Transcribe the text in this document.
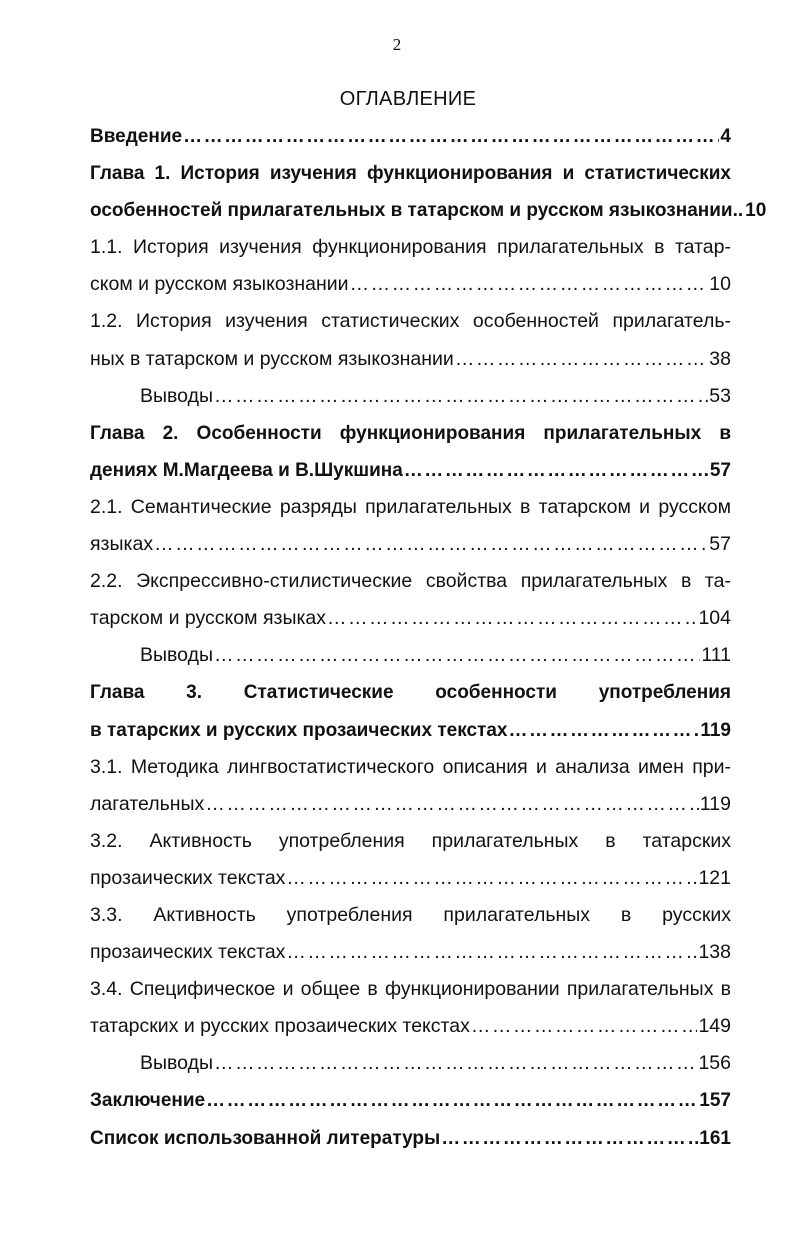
2
ОГЛАВЛЕНИЕ
Введение …………………………………………………………………………………………………………………………………………………………………	4
Глава 1. История изучения функционирования и статистических
особенностей прилагательных в татарском и русском языкознании.. 10
1.1. История изучения функционирования прилагательных в татар-
ском и русском языкознании …………………………………………………………………………………………………………………………………………………………………	10
1.2. История изучения статистических особенностей прилагатель-
ных в татарском и русском языкознании …………………………………………………………………………………………………………………………………………………………………	38
Выводы …………………………………………………………………………………………………………………………………………………………………	53
Глава 2. Особенности функционирования прилагательных в
дениях М.Магдеева и В.Шукшина …………………………………………………………………………………………………………………………………………………………………	57
2.1. Семантические разряды прилагательных в татарском и русском
языках …………………………………………………………………………………………………………………………………………………………………	57
2.2. Экспрессивно-стилистические свойства прилагательных в та-
тарском и русском языках …………………………………………………………………………………………………………………………………………………………………	104
Выводы …………………………………………………………………………………………………………………………………………………………………	111
Глава 3. Статистические особенности употребления
в татарских и русских прозаических текстах …………………………………………………………………………………………………………………………………………………………………	119
3.1. Методика лингвостатистического описания и анализа имен при-
лагательных …………………………………………………………………………………………………………………………………………………………………	119
3.2. Активность употребления прилагательных в татарских
прозаических текстах …………………………………………………………………………………………………………………………………………………………………	121
3.3. Активность употребления прилагательных в русских
прозаических текстах …………………………………………………………………………………………………………………………………………………………………	138
3.4. Специфическое и общее в функционировании прилагательных в
татарских и русских прозаических текстах …………………………………………………………………………………………………………………………………………………………………	149
Выводы …………………………………………………………………………………………………………………………………………………………………	156
Заключение …………………………………………………………………………………………………………………………………………………………………	157
Список использованной литературы …………………………………………………………………………………………………………………………………………………………………	161
